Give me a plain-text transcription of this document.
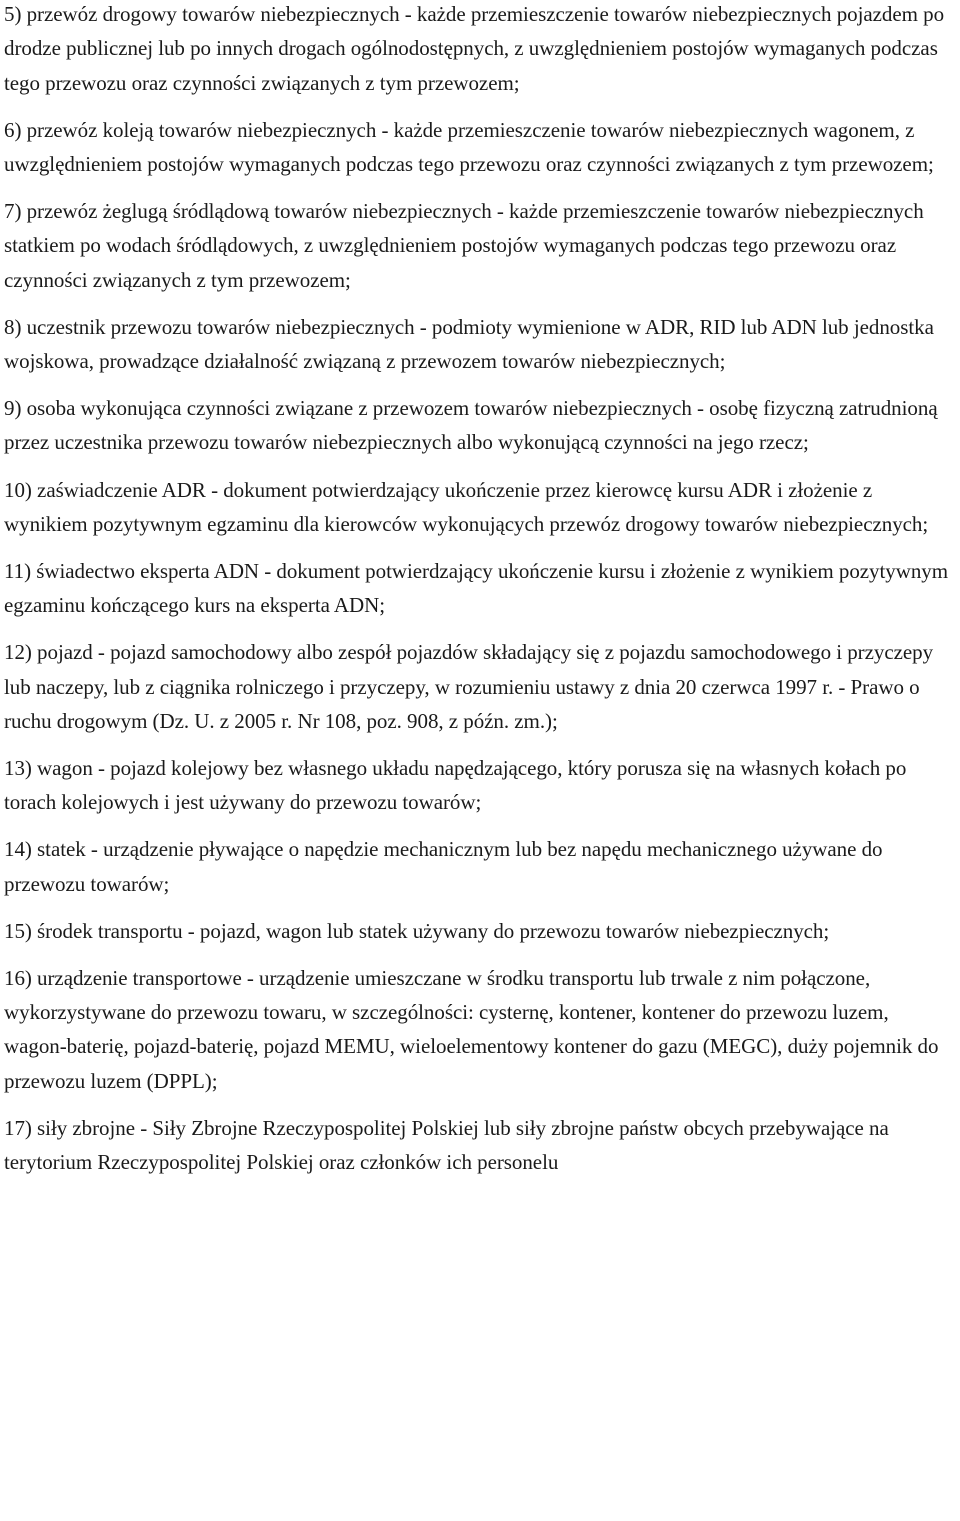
5) przewóz drogowy towarów niebezpiecznych - każde przemieszczenie towarów niebezpiecznych pojazdem po drodze publicznej lub po innych drogach ogólnodostępnych, z uwzględnieniem postojów wymaganych podczas tego przewozu oraz czynności związanych z tym przewozem;

6) przewóz koleją towarów niebezpiecznych - każde przemieszczenie towarów niebezpiecznych wagonem, z uwzględnieniem postojów wymaganych podczas tego przewozu oraz czynności związanych z tym przewozem;

7) przewóz żeglugą śródlądową towarów niebezpiecznych - każde przemieszczenie towarów niebezpiecznych statkiem po wodach śródlądowych, z uwzględnieniem postojów wymaganych podczas tego przewozu oraz czynności związanych z tym przewozem;

8) uczestnik przewozu towarów niebezpiecznych - podmioty wymienione w ADR, RID lub ADN lub jednostka wojskowa, prowadzące działalność związaną z przewozem towarów niebezpiecznych;

9) osoba wykonująca czynności związane z przewozem towarów niebezpiecznych - osobę fizyczną zatrudnioną przez uczestnika przewozu towarów niebezpiecznych albo wykonującą czynności na jego rzecz;

10) zaświadczenie ADR - dokument potwierdzający ukończenie przez kierowcę kursu ADR i złożenie z wynikiem pozytywnym egzaminu dla kierowców wykonujących przewóz drogowy towarów niebezpiecznych;

11) świadectwo eksperta ADN - dokument potwierdzający ukończenie kursu i złożenie z wynikiem pozytywnym egzaminu kończącego kurs na eksperta ADN;

12) pojazd - pojazd samochodowy albo zespół pojazdów składający się z pojazdu samochodowego i przyczepy lub naczepy, lub z ciągnika rolniczego i przyczepy, w rozumieniu ustawy z dnia 20 czerwca 1997 r. - Prawo o ruchu drogowym (Dz. U. z 2005 r. Nr 108, poz. 908, z późn. zm.);

13) wagon - pojazd kolejowy bez własnego układu napędzającego, który porusza się na własnych kołach po torach kolejowych i jest używany do przewozu towarów;

14) statek - urządzenie pływające o napędzie mechanicznym lub bez napędu mechanicznego używane do przewozu towarów;

15) środek transportu - pojazd, wagon lub statek używany do przewozu towarów niebezpiecznych;

16) urządzenie transportowe - urządzenie umieszczane w środku transportu lub trwale z nim połączone, wykorzystywane do przewozu towaru, w szczególności: cysternę, kontener, kontener do przewozu luzem, wagon-baterię, pojazd-baterię, pojazd MEMU, wieloelementowy kontener do gazu (MEGC), duży pojemnik do przewozu luzem (DPPL);

17) siły zbrojne - Siły Zbrojne Rzeczypospolitej Polskiej lub siły zbrojne państw obcych przebywające na terytorium Rzeczypospolitej Polskiej oraz członków ich personelu
